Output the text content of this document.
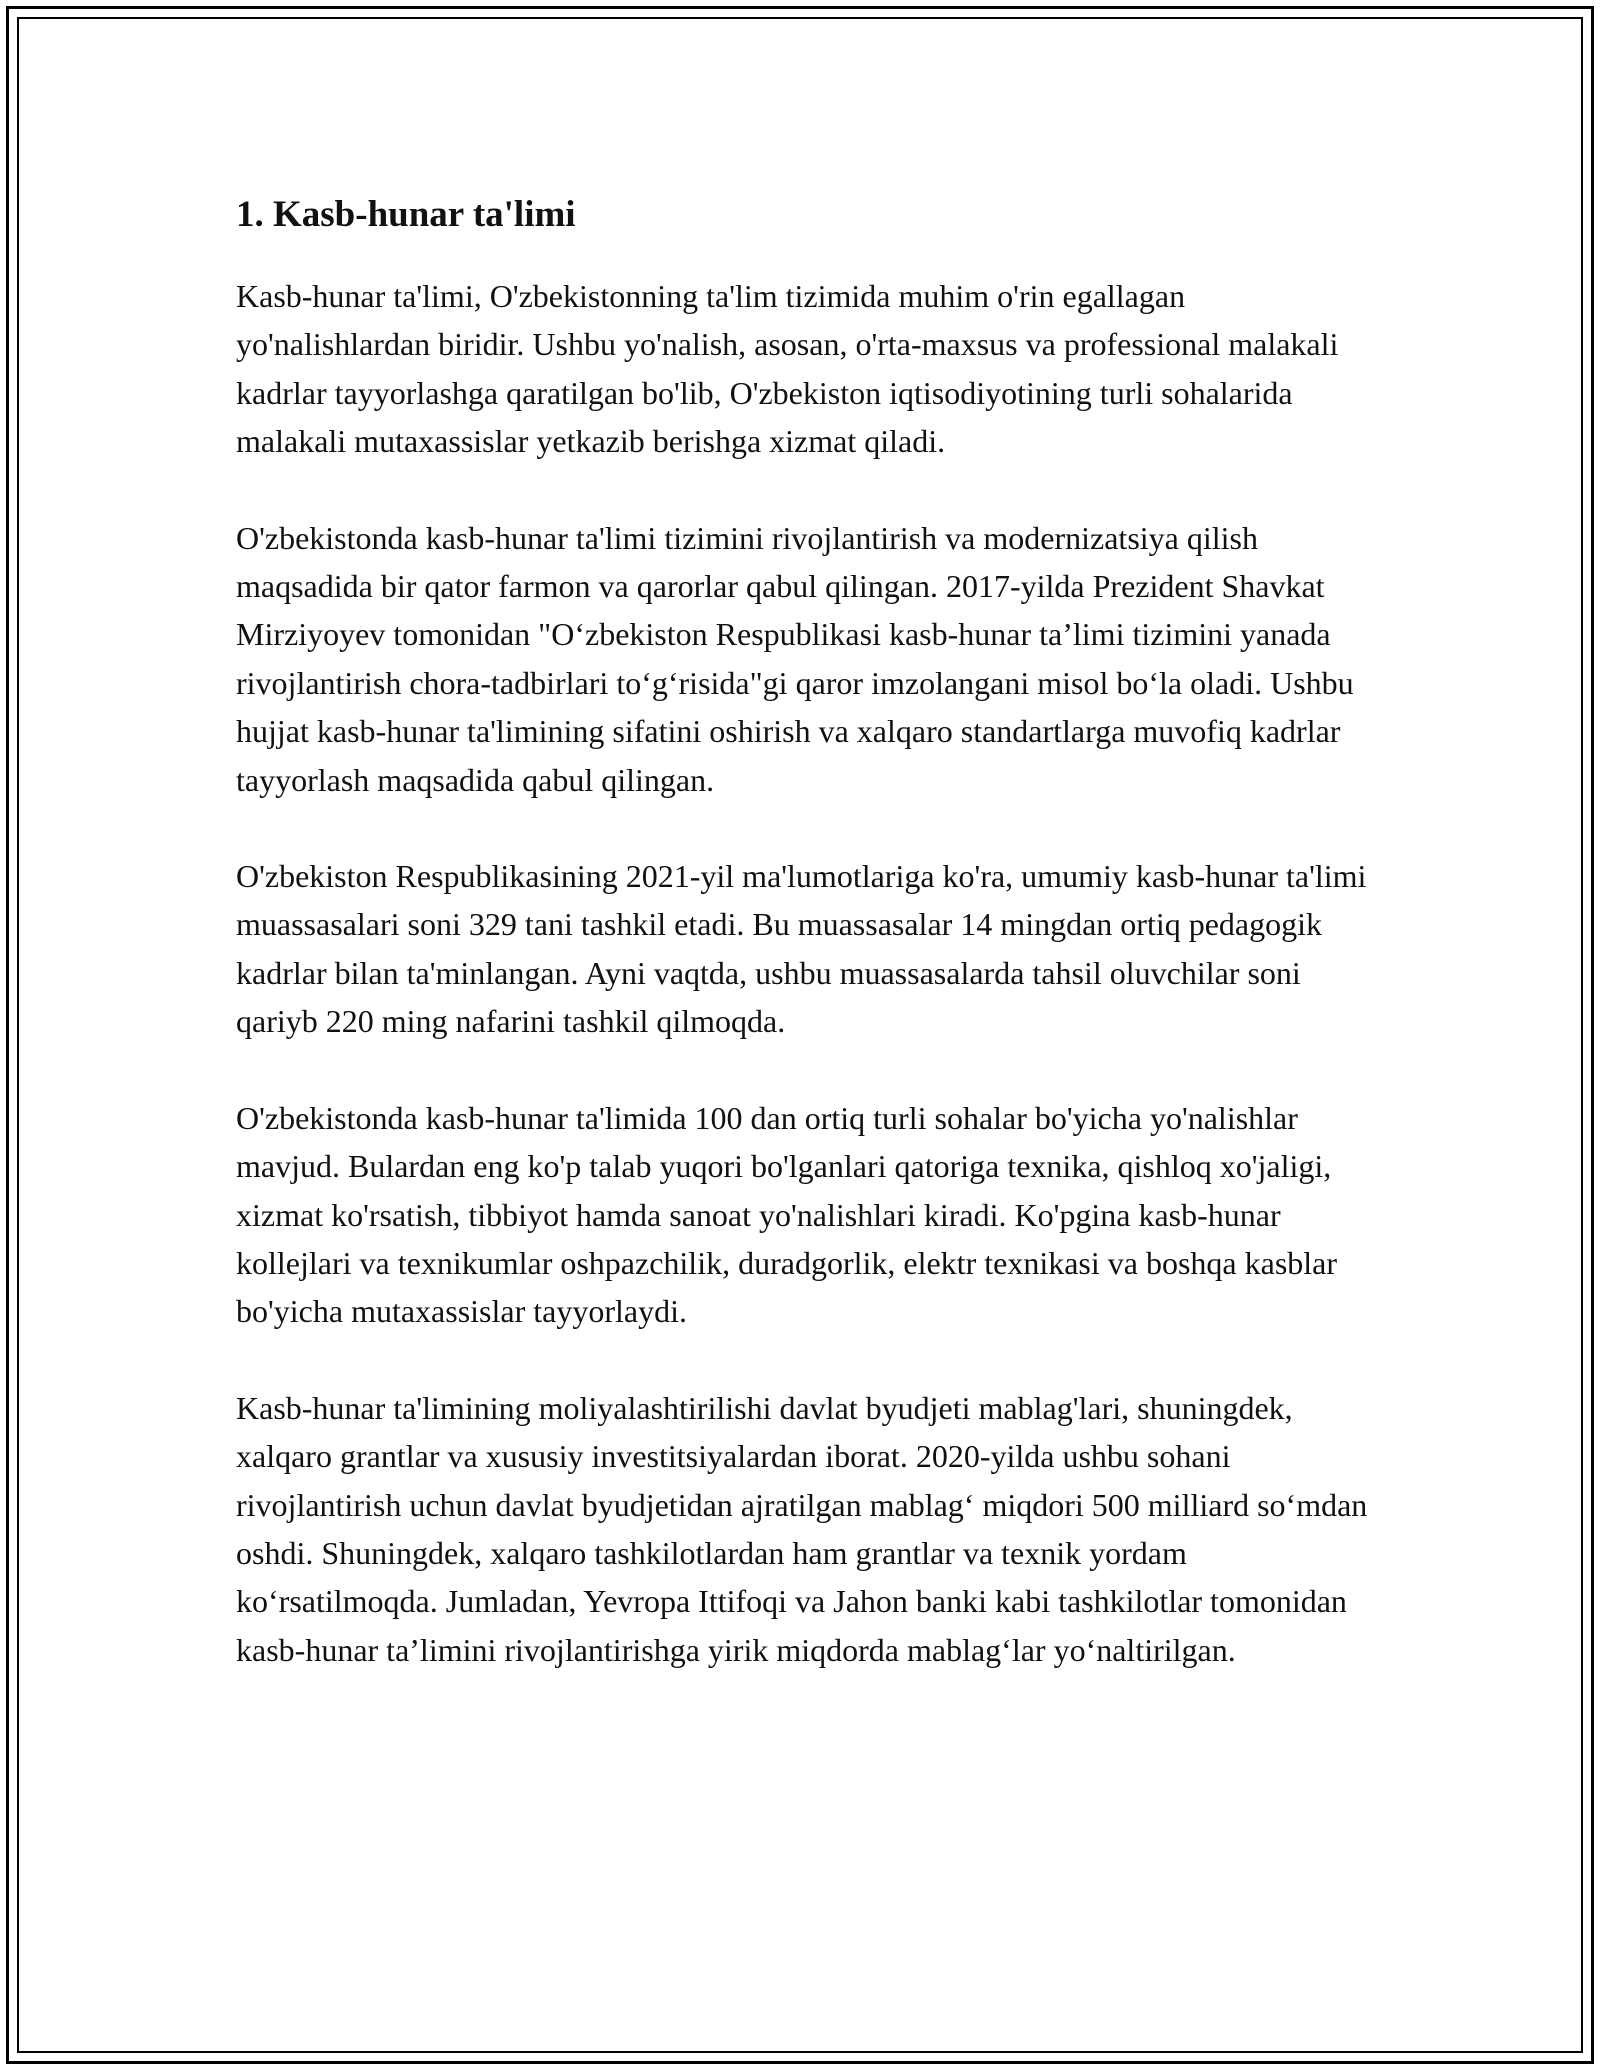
1. Kasb-hunar ta'limi

Kasb-hunar ta'limi, O'zbekistonning ta'lim tizimida muhim o'rin egallagan yo'nalishlardan biridir. Ushbu yo'nalish, asosan, o'rta-maxsus va professional malakali kadrlar tayyorlashga qaratilgan bo'lib, O'zbekiston iqtisodiyotining turli sohalarida malakali mutaxassislar yetkazib berishga xizmat qiladi.

O'zbekistonda kasb-hunar ta'limi tizimini rivojlantirish va modernizatsiya qilish maqsadida bir qator farmon va qarorlar qabul qilingan. 2017-yilda Prezident Shavkat Mirziyoyev tomonidan "O‘zbekiston Respublikasi kasb-hunar ta’limi tizimini yanada rivojlantirish chora-tadbirlari to‘g‘risida"gi qaror imzolangani misol bo‘la oladi. Ushbu hujjat kasb-hunar ta'limining sifatini oshirish va xalqaro standartlarga muvofiq kadrlar tayyorlash maqsadida qabul qilingan.

O'zbekiston Respublikasining 2021-yil ma'lumotlariga ko'ra, umumiy kasb-hunar ta'limi muassasalari soni 329 tani tashkil etadi. Bu muassasalar 14 mingdan ortiq pedagogik kadrlar bilan ta'minlangan. Ayni vaqtda, ushbu muassasalarda tahsil oluvchilar soni qariyb 220 ming nafarini tashkil qilmoqda.

O'zbekistonda kasb-hunar ta'limida 100 dan ortiq turli sohalar bo'yicha yo'nalishlar mavjud. Bulardan eng ko'p talab yuqori bo'lganlari qatoriga texnika, qishloq xo'jaligi, xizmat ko'rsatish, tibbiyot hamda sanoat yo'nalishlari kiradi. Ko'pgina kasb-hunar kollejlari va texnikumlar oshpazchilik, duradgorlik, elektr texnikasi va boshqa kasblar bo'yicha mutaxassislar tayyorlaydi.

Kasb-hunar ta'limining moliyalashtirilishi davlat byudjeti mablag'lari, shuningdek, xalqaro grantlar va xususiy investitsiyalardan iborat. 2020-yilda ushbu sohani rivojlantirish uchun davlat byudjetidan ajratilgan mablag‘ miqdori 500 milliard so‘mdan oshdi. Shuningdek, xalqaro tashkilotlardan ham grantlar va texnik yordam ko‘rsatilmoqda. Jumladan, Yevropa Ittifoqi va Jahon banki kabi tashkilotlar tomonidan kasb-hunar ta’limini rivojlantirishga yirik miqdorda mablag‘lar yo‘naltirilgan.
